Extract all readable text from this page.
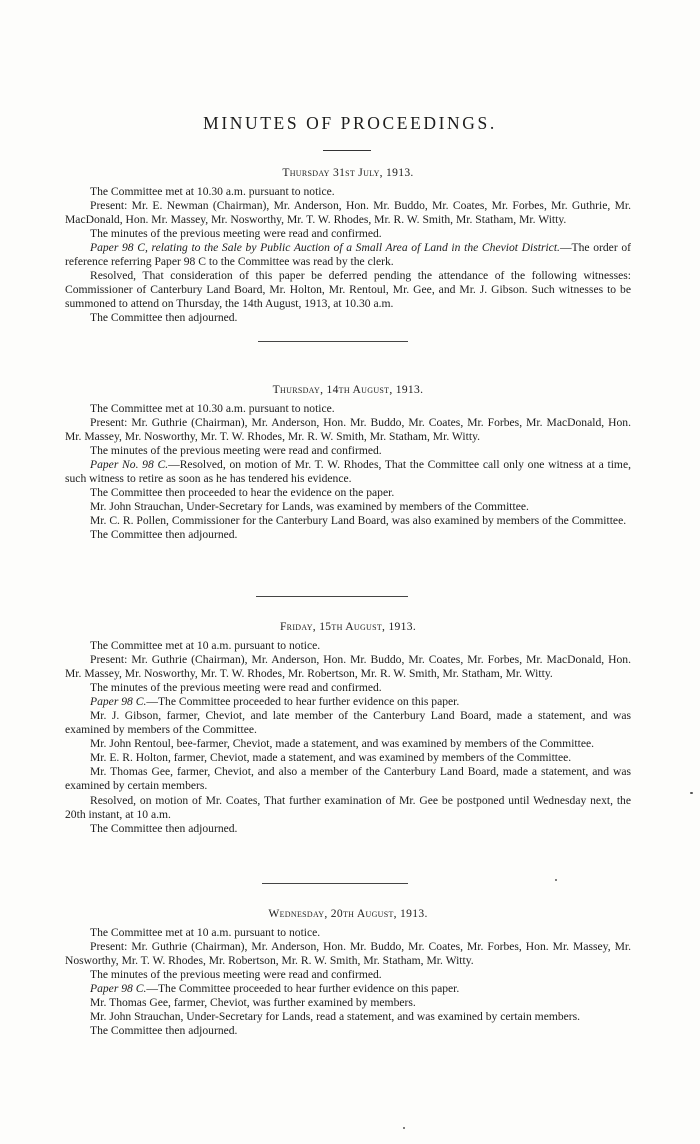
MINUTES OF PROCEEDINGS.
Thursday 31st July, 1913.

The Committee met at 10.30 a.m. pursuant to notice.

Present: Mr. E. Newman (Chairman), Mr. Anderson, Hon. Mr. Buddo, Mr. Coates, Mr. Forbes, Mr. Guthrie, Mr. MacDonald, Hon. Mr. Massey, Mr. Nosworthy, Mr. T. W. Rhodes, Mr. R. W. Smith, Mr. Statham, Mr. Witty.

The minutes of the previous meeting were read and confirmed.

Paper 98 C, relating to the Sale by Public Auction of a Small Area of Land in the Cheviot District.—The order of reference referring Paper 98 C to the Committee was read by the clerk.

Resolved, That consideration of this paper be deferred pending the attendance of the following witnesses: Commissioner of Canterbury Land Board, Mr. Holton, Mr. Rentoul, Mr. Gee, and Mr. J. Gibson. Such witnesses to be summoned to attend on Thursday, the 14th August, 1913, at 10.30 a.m.

The Committee then adjourned.

Thursday, 14th August, 1913.

The Committee met at 10.30 a.m. pursuant to notice.

Present: Mr. Guthrie (Chairman), Mr. Anderson, Hon. Mr. Buddo, Mr. Coates, Mr. Forbes, Mr. MacDonald, Hon. Mr. Massey, Mr. Nosworthy, Mr. T. W. Rhodes, Mr. R. W. Smith, Mr. Statham, Mr. Witty.

The minutes of the previous meeting were read and confirmed.

Paper No. 98 C.—Resolved, on motion of Mr. T. W. Rhodes, That the Committee call only one witness at a time, such witness to retire as soon as he has tendered his evidence.

The Committee then proceeded to hear the evidence on the paper.

Mr. John Strauchan, Under-Secretary for Lands, was examined by members of the Committee.

Mr. C. R. Pollen, Commissioner for the Canterbury Land Board, was also examined by members of the Committee.

The Committee then adjourned.

Friday, 15th August, 1913.

The Committee met at 10 a.m. pursuant to notice.

Present: Mr. Guthrie (Chairman), Mr. Anderson, Hon. Mr. Buddo, Mr. Coates, Mr. Forbes, Mr. MacDonald, Hon. Mr. Massey, Mr. Nosworthy, Mr. T. W. Rhodes, Mr. Robertson, Mr. R. W. Smith, Mr. Statham, Mr. Witty.

The minutes of the previous meeting were read and confirmed.

Paper 98 C.—The Committee proceeded to hear further evidence on this paper.

Mr. J. Gibson, farmer, Cheviot, and late member of the Canterbury Land Board, made a statement, and was examined by members of the Committee.

Mr. John Rentoul, bee-farmer, Cheviot, made a statement, and was examined by members of the Committee.

Mr. E. R. Holton, farmer, Cheviot, made a statement, and was examined by members of the Committee.

Mr. Thomas Gee, farmer, Cheviot, and also a member of the Canterbury Land Board, made a statement, and was examined by certain members.

Resolved, on motion of Mr. Coates, That further examination of Mr. Gee be postponed until Wednesday next, the 20th instant, at 10 a.m.

The Committee then adjourned.

Wednesday, 20th August, 1913.

The Committee met at 10 a.m. pursuant to notice.

Present: Mr. Guthrie (Chairman), Mr. Anderson, Hon. Mr. Buddo, Mr. Coates, Mr. Forbes, Hon. Mr. Massey, Mr. Nosworthy, Mr. T. W. Rhodes, Mr. Robertson, Mr. R. W. Smith, Mr. Statham, Mr. Witty.

The minutes of the previous meeting were read and confirmed.

Paper 98 C.—The Committee proceeded to hear further evidence on this paper.

Mr. Thomas Gee, farmer, Cheviot, was further examined by members.

Mr. John Strauchan, Under-Secretary for Lands, read a statement, and was examined by certain members.

The Committee then adjourned.
